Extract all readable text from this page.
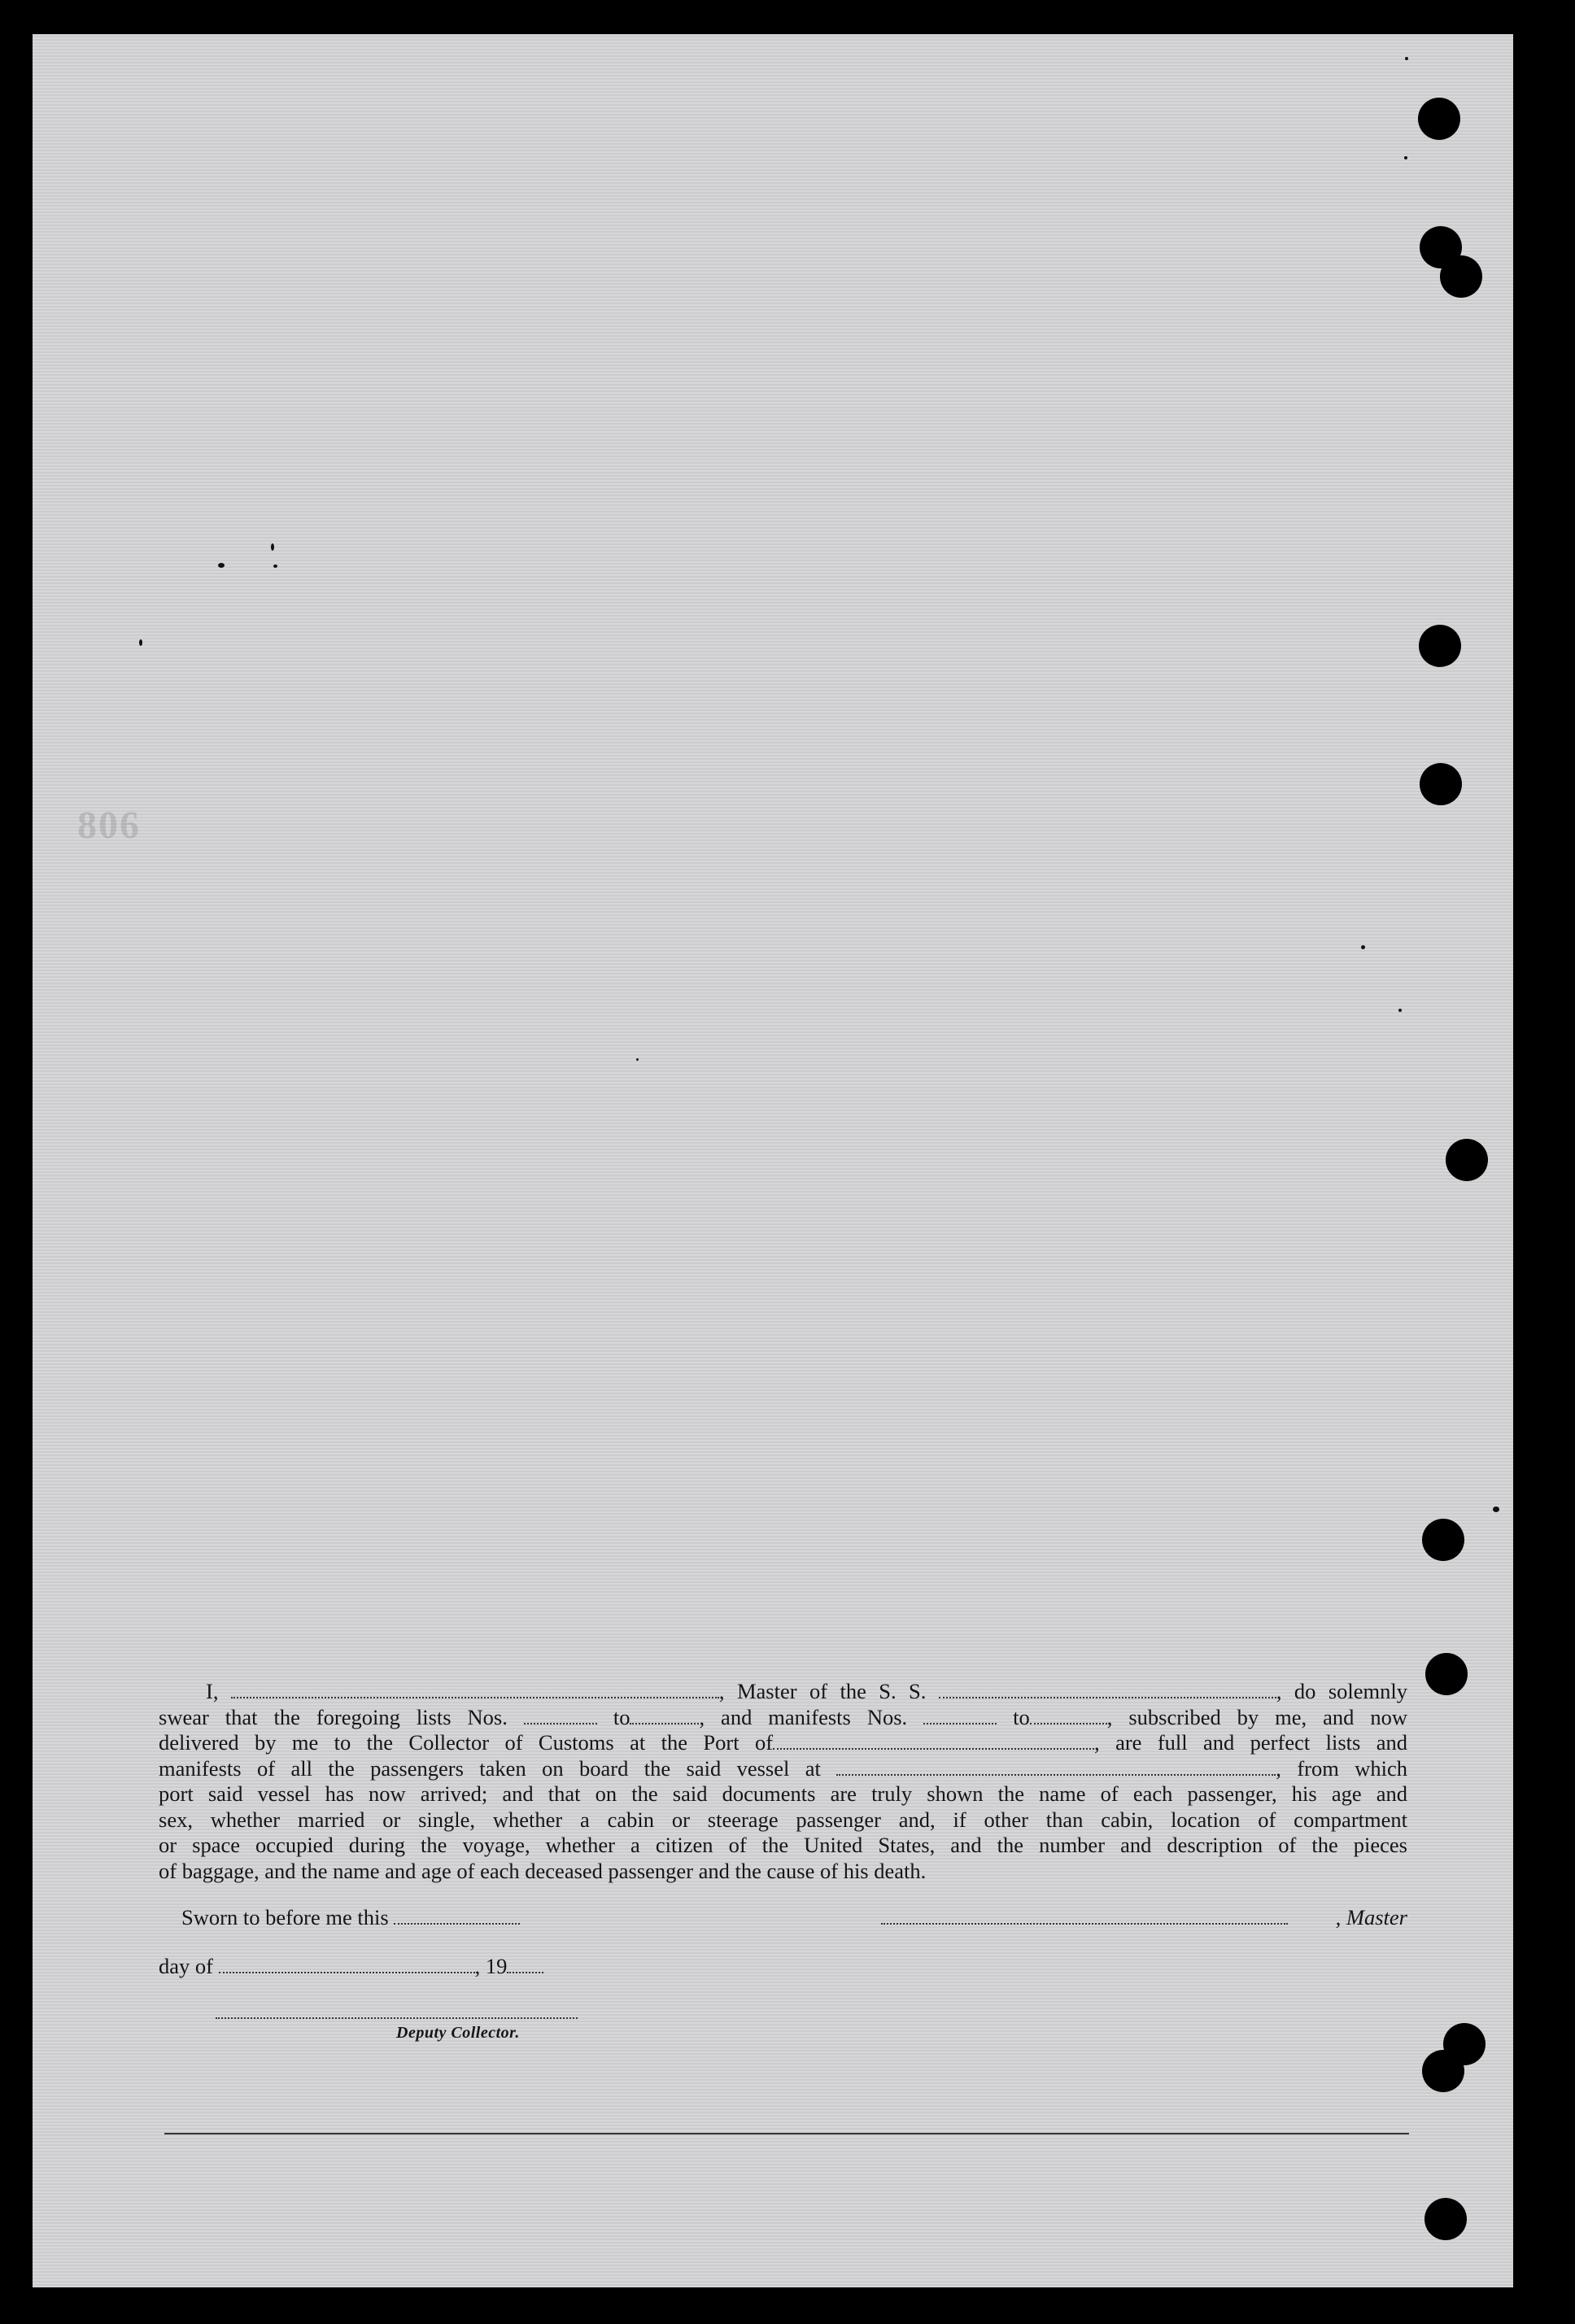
806
I,	, Master of the S. S.	, do solemnly
swear that the foregoing lists Nos.	to	, and manifests Nos.	to	, subscribed by me, and now
delivered by me to the Collector of Customs at the Port of	, are full and perfect lists and
manifests of all the passengers taken on board the said vessel at	, from which
port said vessel has now arrived; and that on the said documents are truly shown the name of each passenger, his age and
sex, whether married or single, whether a cabin or steerage passenger and, if other than cabin, location of compartment
or space occupied during the voyage, whether a citizen of the United States, and the number and description of the pieces
of baggage, and the name and age of each deceased passenger and the cause of his death.
Sworn to before me this	, Master
day of	, 19
Deputy Collector.
